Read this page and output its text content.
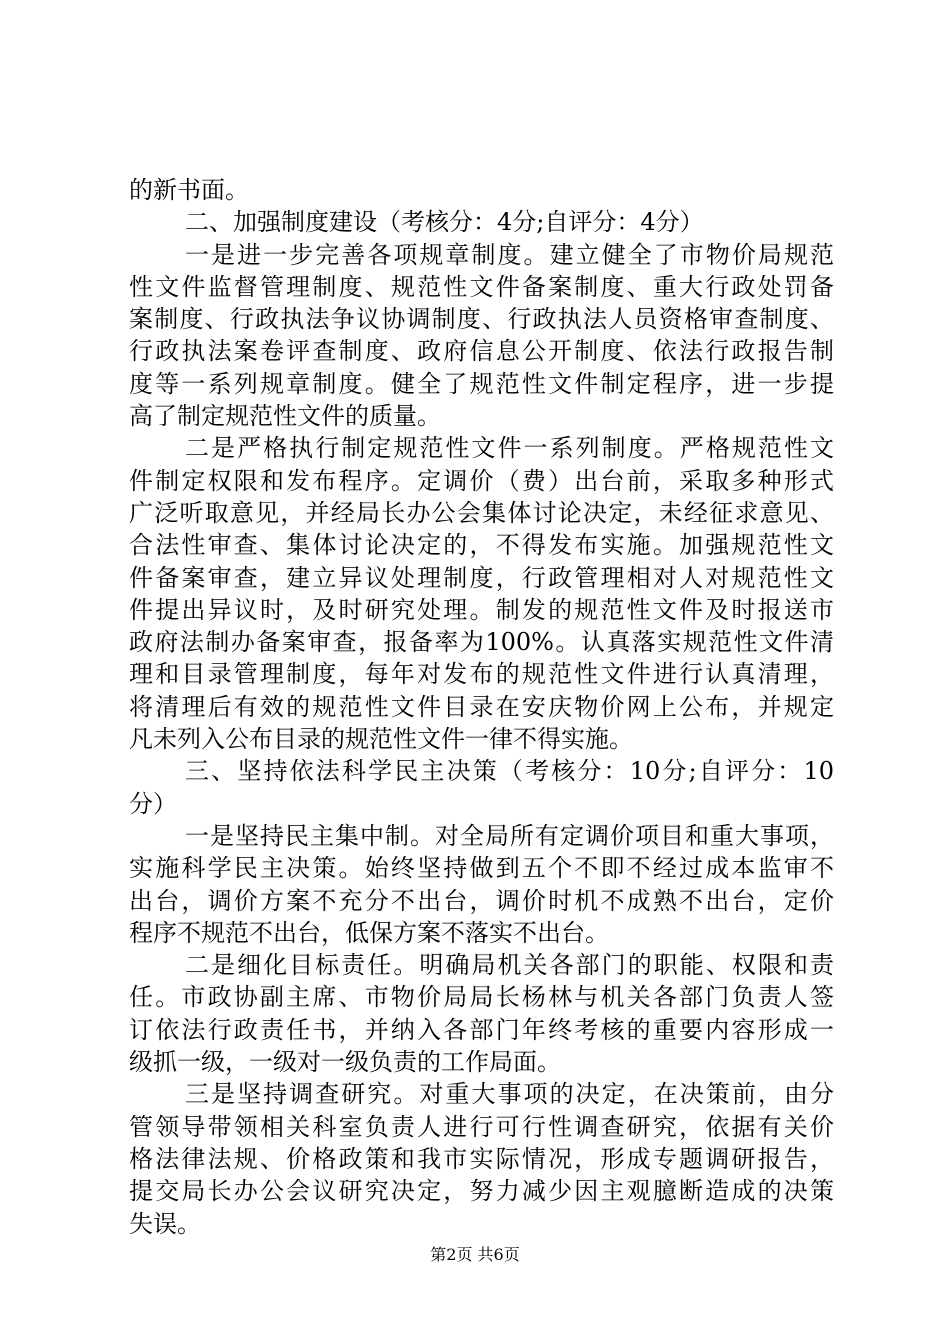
的新书面。
二、加强制度建设（考核分：4分;自评分：4分）
一是进一步完善各项规章制度。建立健全了市物价局规范
性文件监督管理制度、规范性文件备案制度、重大行政处罚备
案制度、行政执法争议协调制度、行政执法人员资格审查制度、
行政执法案卷评查制度、政府信息公开制度、依法行政报告制
度等一系列规章制度。健全了规范性文件制定程序，进一步提
高了制定规范性文件的质量。
二是严格执行制定规范性文件一系列制度。严格规范性文
件制定权限和发布程序。定调价（费）出台前，采取多种形式
广泛听取意见，并经局长办公会集体讨论决定，未经征求意见、
合法性审查、集体讨论决定的，不得发布实施。加强规范性文
件备案审查，建立异议处理制度，行政管理相对人对规范性文
件提出异议时，及时研究处理。制发的规范性文件及时报送市
政府法制办备案审查，报备率为100%。认真落实规范性文件清
理和目录管理制度，每年对发布的规范性文件进行认真清理，
将清理后有效的规范性文件目录在安庆物价网上公布，并规定
凡未列入公布目录的规范性文件一律不得实施。
三、坚持依法科学民主决策（考核分：10分;自评分：10
分）
一是坚持民主集中制。对全局所有定调价项目和重大事项，
实施科学民主决策。始终坚持做到五个不即不经过成本监审不
出台，调价方案不充分不出台，调价时机不成熟不出台，定价
程序不规范不出台，低保方案不落实不出台。
二是细化目标责任。明确局机关各部门的职能、权限和责
任。市政协副主席、市物价局局长杨林与机关各部门负责人签
订依法行政责任书，并纳入各部门年终考核的重要内容形成一
级抓一级，一级对一级负责的工作局面。
三是坚持调查研究。对重大事项的决定，在决策前，由分
管领导带领相关科室负责人进行可行性调查研究，依据有关价
格法律法规、价格政策和我市实际情况，形成专题调研报告，
提交局长办公会议研究决定，努力减少因主观臆断造成的决策
失误。
第2页 共6页
